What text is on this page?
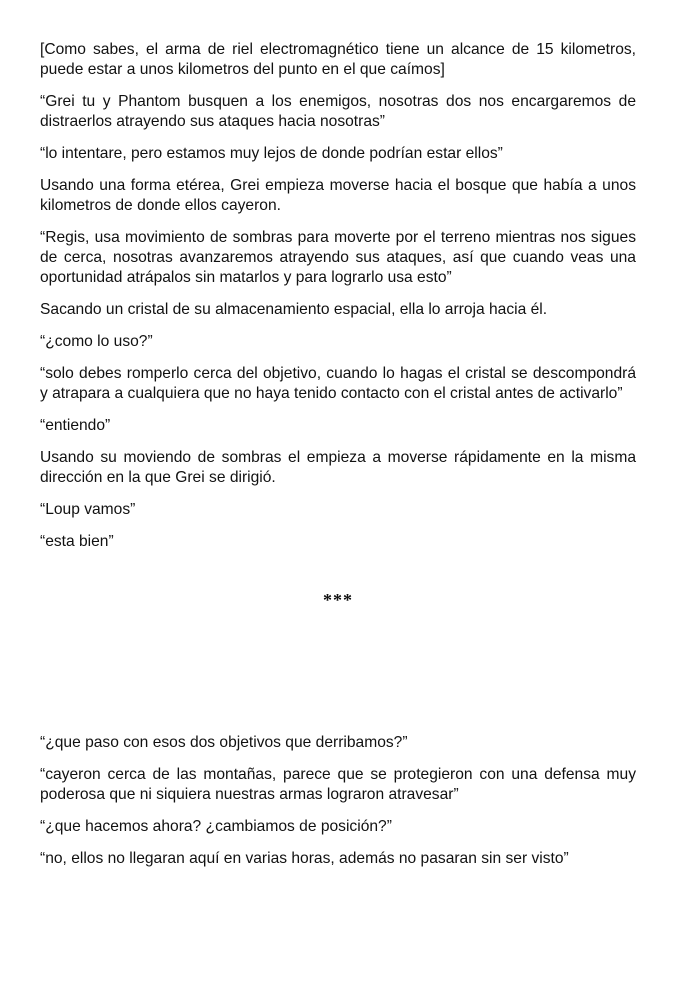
[Como sabes, el arma de riel electromagnético tiene un alcance de 15 kilometros, puede estar a unos kilometros del punto en el que caímos]

“Grei tu y Phantom busquen a los enemigos, nosotras dos nos encargaremos de distraerlos atrayendo sus ataques hacia nosotras”

“lo intentare, pero estamos muy lejos de donde podrían estar ellos”

Usando una forma etérea, Grei empieza moverse hacia el bosque que había a unos kilometros de donde ellos cayeron.

“Regis, usa movimiento de sombras para moverte por el terreno mientras nos sigues de cerca, nosotras avanzaremos atrayendo sus ataques, así que cuando veas una oportunidad atrápalos sin matarlos y para lograrlo usa esto”

Sacando un cristal de su almacenamiento espacial, ella lo arroja hacia él.

“¿como lo uso?”

“solo debes romperlo cerca del objetivo, cuando lo hagas el cristal se descompondrá y atrapara a cualquiera que no haya tenido contacto con el cristal antes de activarlo”

“entiendo”

Usando su moviendo de sombras el empieza a moverse rápidamente en la misma dirección en la que Grei se dirigió.

“Loup vamos”

“esta bien”

***

“¿que paso con esos dos objetivos que derribamos?”

“cayeron cerca de las montañas, parece que se protegieron con una defensa muy poderosa que ni siquiera nuestras armas lograron atravesar”

“¿que hacemos ahora? ¿cambiamos de posición?”

“no, ellos no llegaran aquí en varias horas, además no pasaran sin ser visto”
